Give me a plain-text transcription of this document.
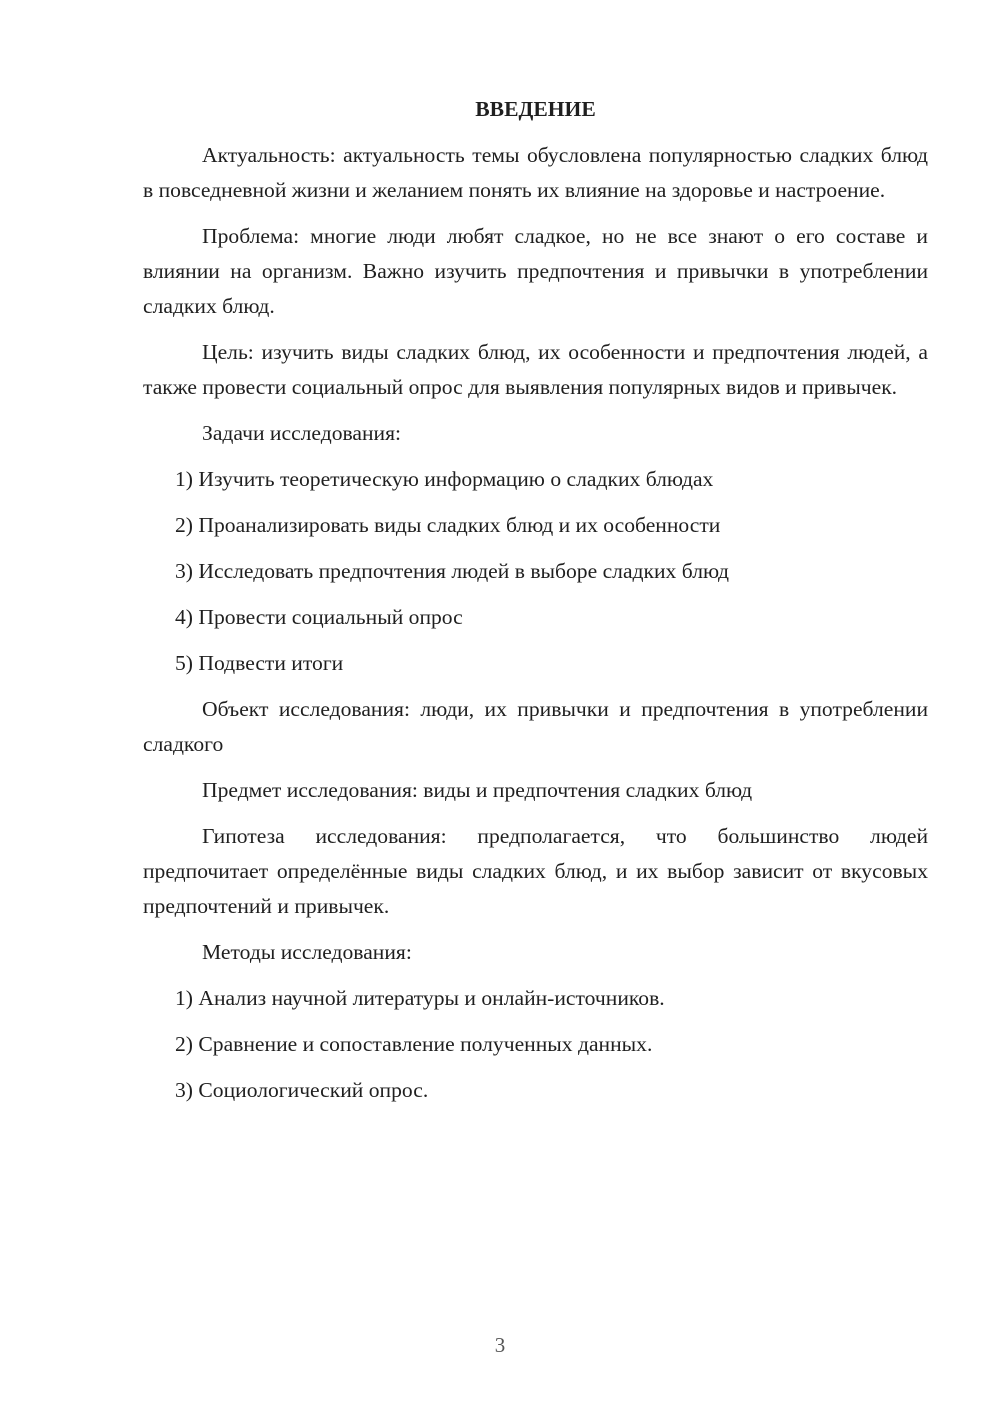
ВВЕДЕНИЕ

Актуальность: актуальность темы обусловлена популярностью сладких блюд в повседневной жизни и желанием понять их влияние на здоровье и настроение.

Проблема: многие люди любят сладкое, но не все знают о его составе и влиянии на организм. Важно изучить предпочтения и привычки в употреблении сладких блюд.

Цель: изучить виды сладких блюд, их особенности и предпочтения людей, а также провести социальный опрос для выявления популярных видов и привычек.

Задачи исследования:

1) Изучить теоретическую информацию о сладких блюдах
2) Проанализировать виды сладких блюд и их особенности
3) Исследовать предпочтения людей в выборе сладких блюд
4) Провести социальный опрос
5) Подвести итоги

Объект исследования: люди, их привычки и предпочтения в употреблении сладкого

Предмет исследования: виды и предпочтения сладких блюд

Гипотеза исследования: предполагается, что большинство людей предпочитает определённые виды сладких блюд, и их выбор зависит от вкусовых предпочтений и привычек.

Методы исследования:

1) Анализ научной литературы и онлайн-источников.
2) Сравнение и сопоставление полученных данных.
3) Социологический опрос.
3
